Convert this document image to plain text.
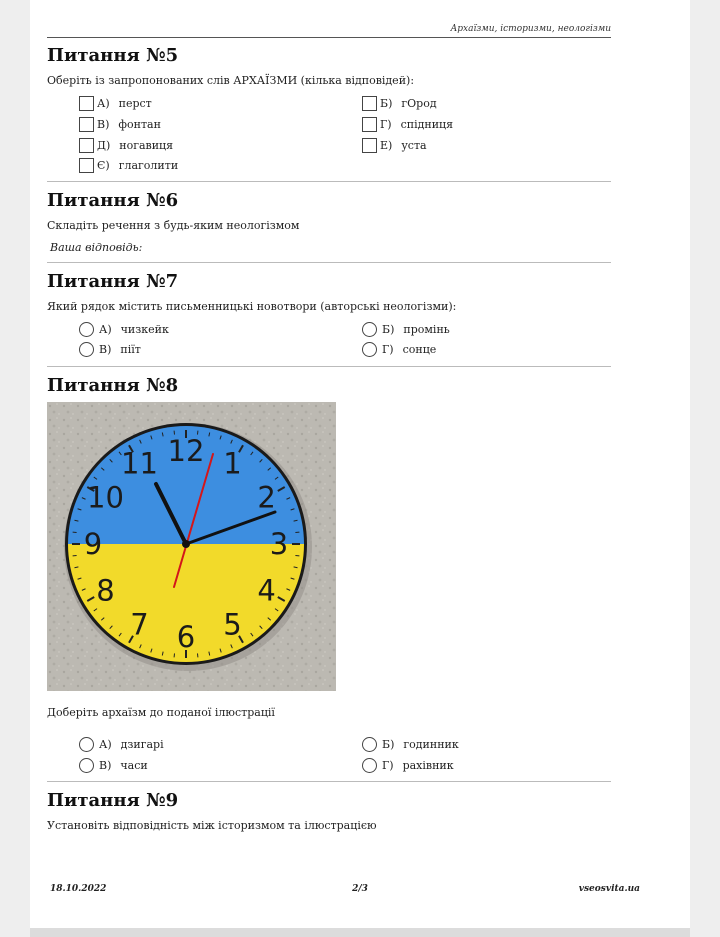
Архаїзми, історизми, неологізми
Питання №5
Оберіть із запропонованих слів АРХАЇЗМИ (кілька відповідей):
А) перст	Б) гОрод
В) фонтан	Г) спідниця
Д) ногавиця	Е) уста
Є) глаголити
Питання №6
Складіть речення з будь-яким неологізмом
Ваша відповідь:
Питання №7
Який рядок містить письменницькі новотвори (авторські неологізми):
А) чизкейк	Б) промінь
В) піїт	Г) сонце
Питання №8
Доберіть архаїзм до поданої ілюстрації
А) дзигарі	Б) годинник
В) часи	Г) рахівник
Питання №9
Установіть відповідність між історизмом та ілюстрацією
12 1
2
3
4
5
6
7
8
9
10
11
18.10.2022	2/3	vseosvita.ua
